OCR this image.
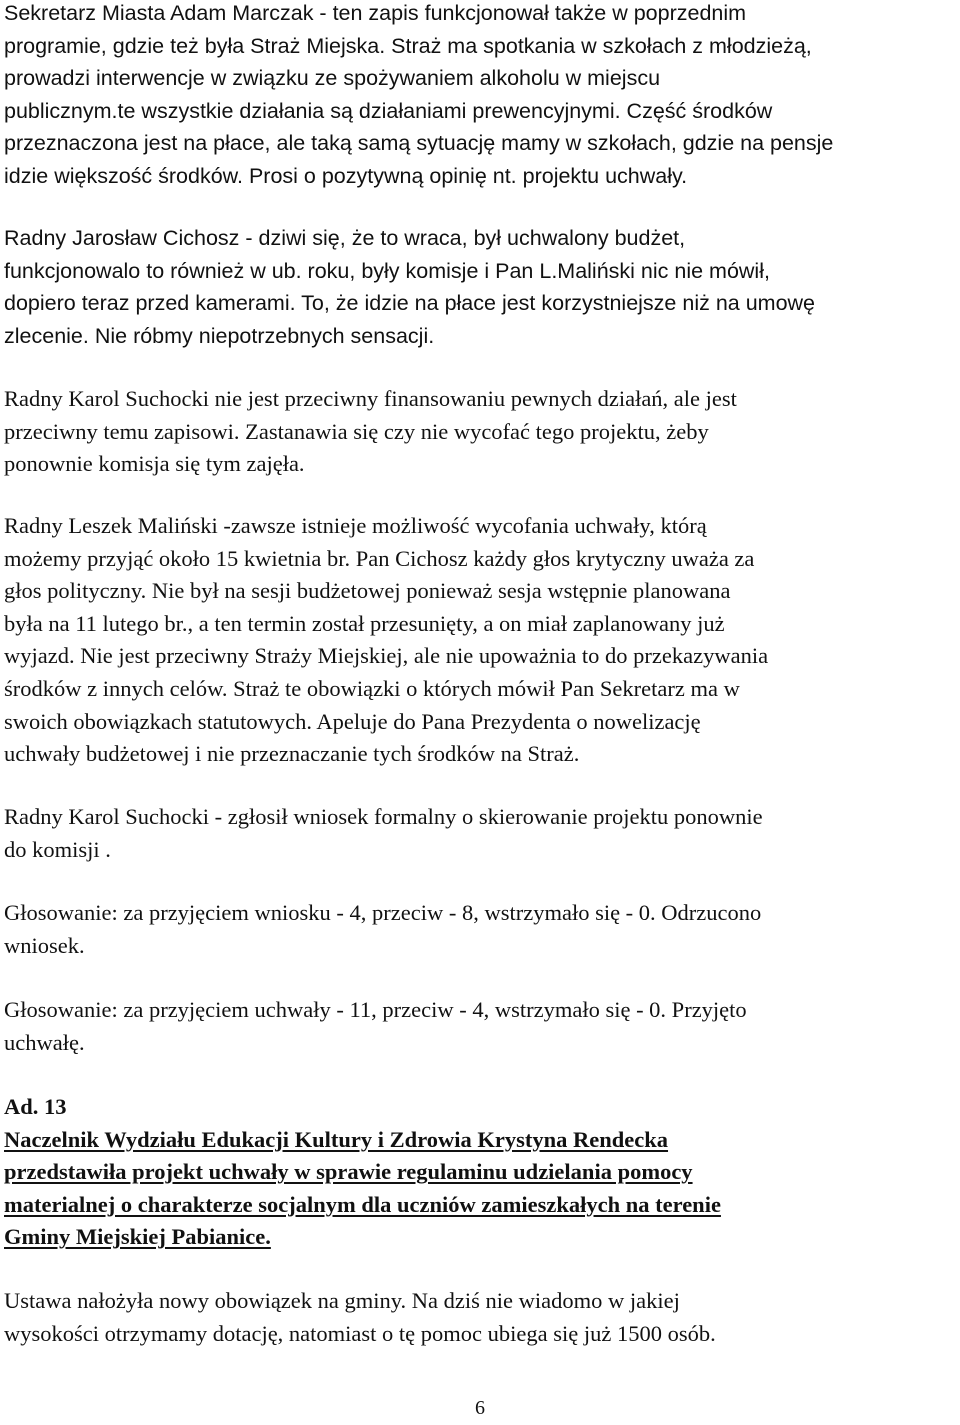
Sekretarz Miasta Adam Marczak - ten zapis funkcjonował także w poprzednim
programie, gdzie też była Straż Miejska. Straż ma spotkania w szkołach z młodzieżą,
prowadzi interwencje w związku ze spożywaniem alkoholu w miejscu
publicznym.te wszystkie działania są działaniami prewencyjnymi. Część środków
przeznaczona jest na płace, ale taką samą sytuację mamy w szkołach, gdzie na pensje
idzie większość środków. Prosi o pozytywną opinię nt. projektu uchwały.
Radny Jarosław Cichosz - dziwi się, że to wraca, był uchwalony budżet,
funkcjonowalo to również w ub. roku, były komisje i Pan L.Maliński nic nie mówił,
dopiero teraz przed kamerami. To, że idzie na płace jest korzystniejsze niż na umowę
zlecenie. Nie róbmy niepotrzebnych sensacji.
Radny Karol Suchocki nie jest przeciwny finansowaniu pewnych działań, ale jest
przeciwny temu zapisowi. Zastanawia się czy nie wycofać tego projektu, żeby
ponownie komisja się tym zajęła.
Radny Leszek Maliński -zawsze istnieje możliwość wycofania uchwały, którą
możemy przyjąć około 15 kwietnia br. Pan Cichosz każdy głos krytyczny uważa za
głos polityczny. Nie był na sesji budżetowej ponieważ sesja wstępnie planowana
była na 11 lutego br., a ten termin został przesunięty, a on miał zaplanowany już
wyjazd. Nie jest przeciwny Straży Miejskiej, ale nie upoważnia to do przekazywania
środków z innych celów. Straż te obowiązki o których mówił Pan Sekretarz ma w
swoich obowiązkach statutowych. Apeluje do Pana Prezydenta o nowelizację
uchwały budżetowej i nie przeznaczanie tych środków na Straż.
Radny Karol Suchocki - zgłosił wniosek formalny o skierowanie projektu ponownie
do komisji .
Głosowanie: za przyjęciem wniosku - 4, przeciw - 8, wstrzymało się - 0. Odrzucono
wniosek.
Głosowanie: za przyjęciem uchwały - 11, przeciw - 4, wstrzymało się - 0. Przyjęto
uchwałę.
Ad. 13
Naczelnik Wydziału Edukacji Kultury i Zdrowia Krystyna Rendecka
przedstawiła projekt uchwały w sprawie regulaminu udzielania pomocy
materialnej o charakterze socjalnym dla uczniów zamieszkałych na terenie
Gminy Miejskiej Pabianice.
Ustawa nałożyła nowy obowiązek na gminy. Na dziś nie wiadomo w jakiej
wysokości otrzymamy dotację, natomiast o tę pomoc ubiega się już 1500 osób.
6
